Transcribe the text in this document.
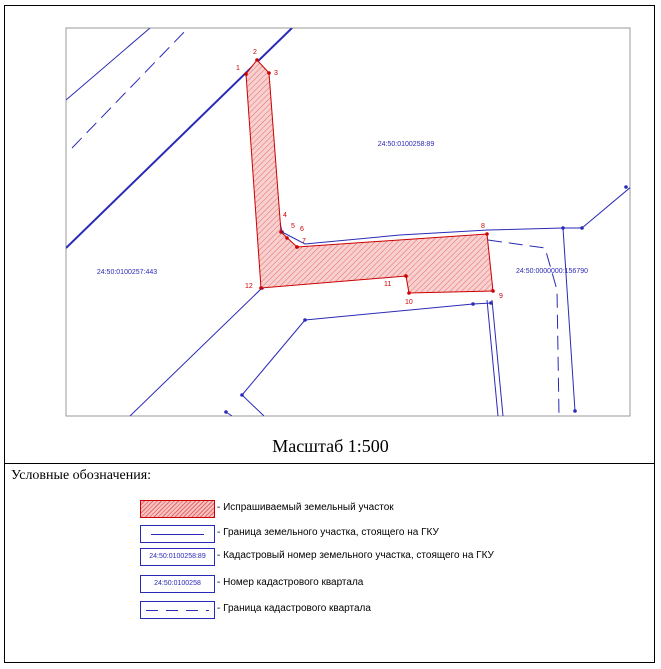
1
2
3
4
5 6
7
8
9
10
11
12
24:50:0100258:89
24:50:0100257:443	24:50:0000000:156790
Масштаб 1:500
Условные обозначения:
- Испрашиваемый земельный участок
- Граница земельного участка, стоящего на ГКУ
24:50:0100258:89	- Кадастровый номер земельного участка, стоящего на ГКУ
24:50:0100258	- Номер кадастрового квартала
- Граница кадастрового квартала
